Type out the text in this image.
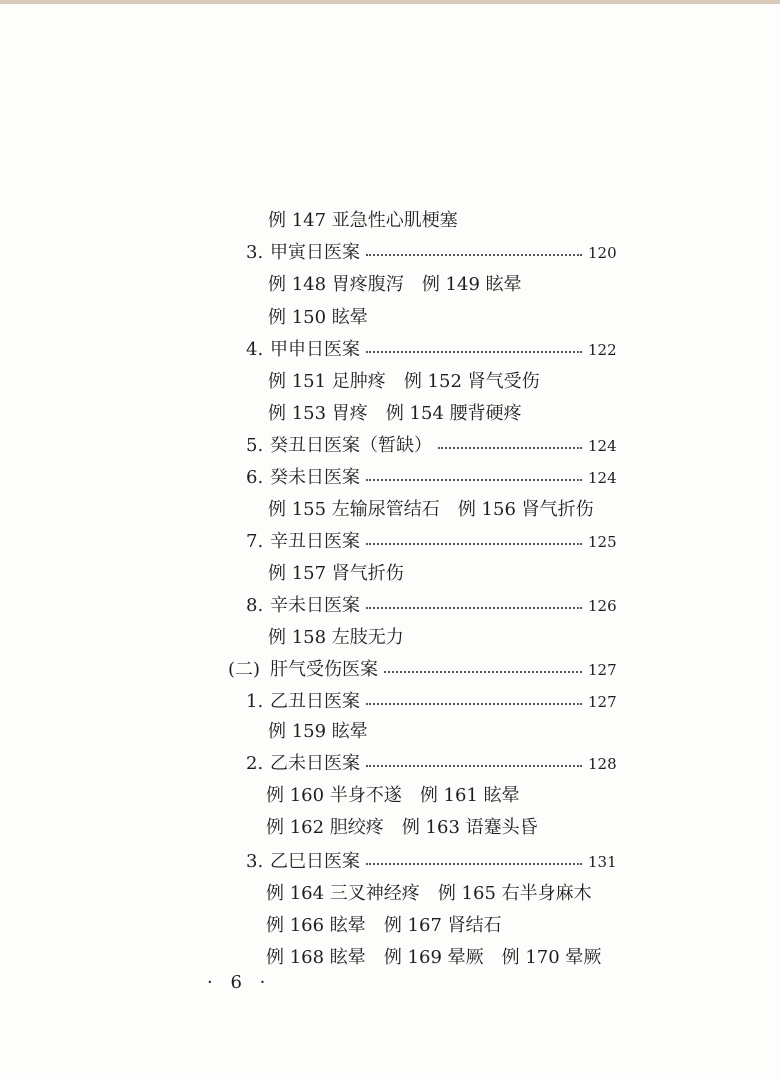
例 147 亚急性心肌梗塞
3. 甲寅日医案	120
例 148 胃疼腹泻 例 149 眩晕
例 150 眩晕
4. 甲申日医案	122
例 151 足肿疼 例 152 肾气受伤
例 153 胃疼 例 154 腰背硬疼
5. 癸丑日医案（暂缺）	124
6. 癸未日医案	124
例 155 左输尿管结石 例 156 肾气折伤
7. 辛丑日医案	125
例 157 肾气折伤
8. 辛未日医案	126
例 158 左肢无力
(二) 肝气受伤医案	127
1. 乙丑日医案	127
例 159 眩晕
2. 乙未日医案	128
例 160 半身不遂 例 161 眩晕
例 162 胆绞疼 例 163 语蹇头昏
3. 乙巳日医案	131
例 164 三叉神经疼 例 165 右半身麻木
例 166 眩晕 例 167 肾结石
例 168 眩晕 例 169 晕厥 例 170 晕厥
· 6 ·
